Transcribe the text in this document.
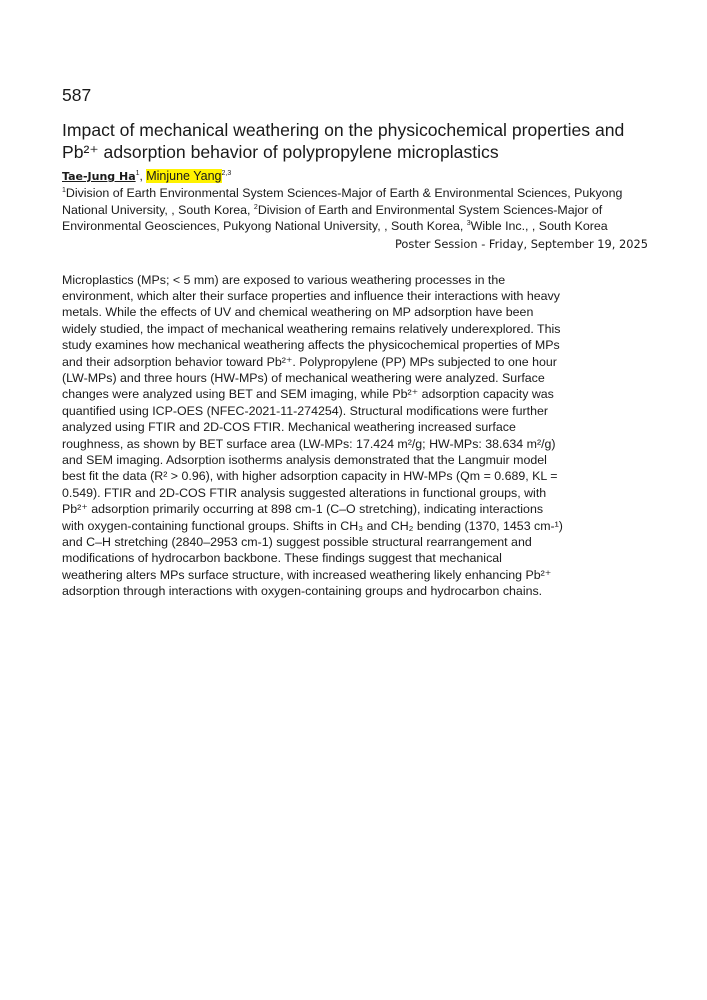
587
Impact of mechanical weathering on the physicochemical properties and Pb²⁺ adsorption behavior of polypropylene microplastics

Tae-Jung Ha$^1$, Minjune Yang$^{2,3}$

$^1$Division of Earth Environmental System Sciences-Major of Earth & Environmental Sciences, Pukyong National University, , South Korea, $^2$Division of Earth and Environmental System Sciences-Major of Environmental Geosciences, Pukyong National University, , South Korea, $^3$Wible Inc., , South Korea

Poster Session - Friday, September 19, 2025

Microplastics (MPs; < 5 mm) are exposed to various weathering processes in the
environment, which alter their surface properties and influence their interactions with heavy
metals. While the effects of UV and chemical weathering on MP adsorption have been
widely studied, the impact of mechanical weathering remains relatively underexplored. This
study examines how mechanical weathering affects the physicochemical properties of MPs
and their adsorption behavior toward Pb²⁺. Polypropylene (PP) MPs subjected to one hour
(LW-MPs) and three hours (HW-MPs) of mechanical weathering were analyzed. Surface
changes were analyzed using BET and SEM imaging, while Pb²⁺ adsorption capacity was
quantified using ICP-OES (NFEC-2021-11-274254). Structural modifications were further
analyzed using FTIR and 2D-COS FTIR. Mechanical weathering increased surface
roughness, as shown by BET surface area (LW-MPs: 17.424 m²/g; HW-MPs: 38.634 m²/g)
and SEM imaging. Adsorption isotherms analysis demonstrated that the Langmuir model
best fit the data (R² > 0.96), with higher adsorption capacity in HW-MPs (Qm = 0.689, KL =
0.549). FTIR and 2D-COS FTIR analysis suggested alterations in functional groups, with
Pb²⁺ adsorption primarily occurring at 898 cm-1 (C–O stretching), indicating interactions
with oxygen-containing functional groups. Shifts in CH₃ and CH₂ bending (1370, 1453 cm-¹)
and C–H stretching (2840–2953 cm-1) suggest possible structural rearrangement and
modifications of hydrocarbon backbone. These findings suggest that mechanical
weathering alters MPs surface structure, with increased weathering likely enhancing Pb²⁺
adsorption through interactions with oxygen-containing groups and hydrocarbon chains.
